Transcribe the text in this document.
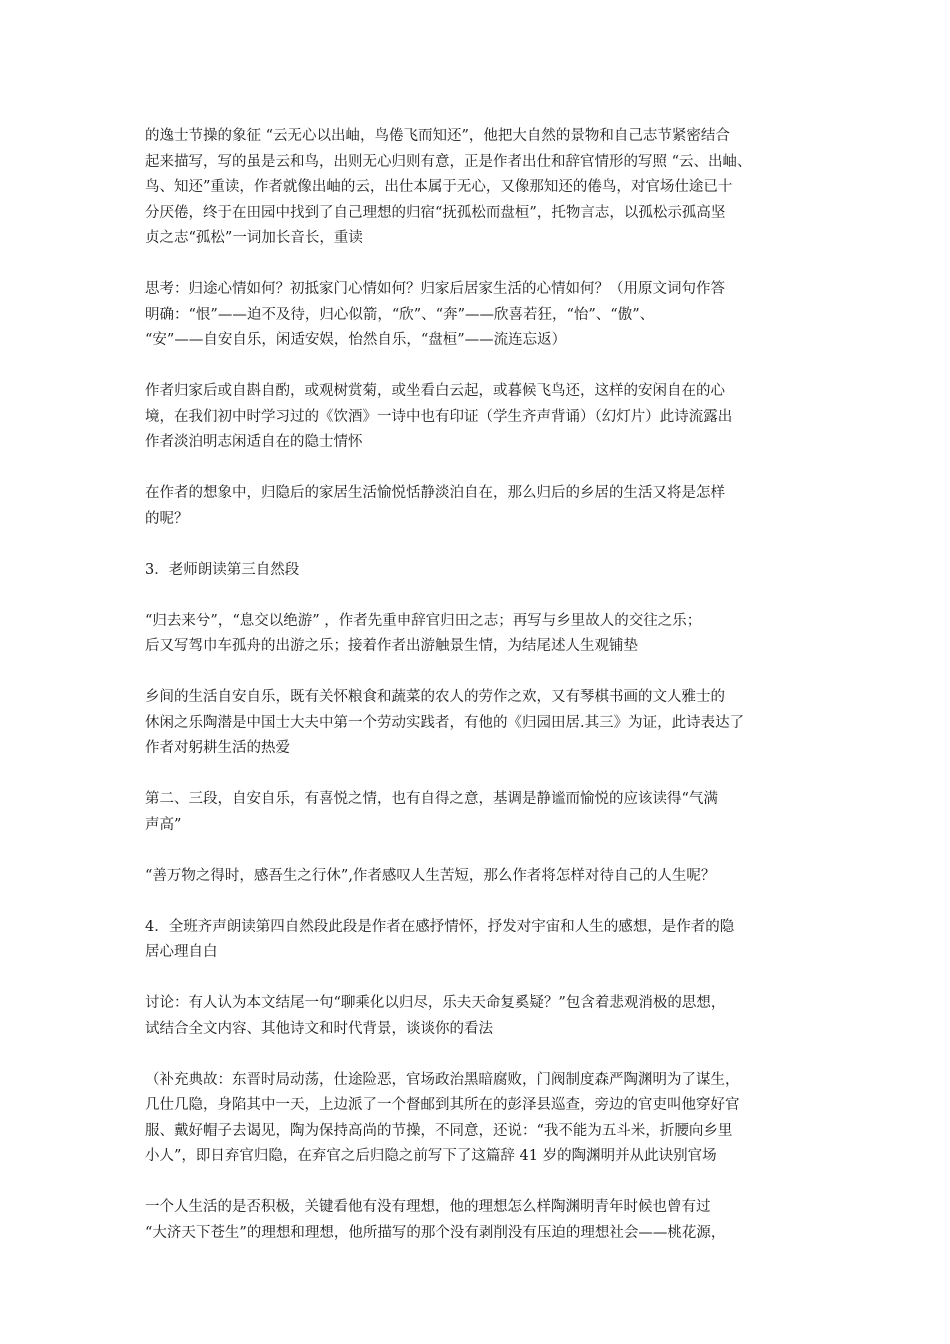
的逸士节操的象征 “云无心以出岫，鸟倦飞而知还”，他把大自然的景物和自己志节紧密结合
起来描写，写的虽是云和鸟，出则无心归则有意，正是作者出仕和辞官情形的写照 “云、出岫、
鸟、知还”重读，作者就像出岫的云，出仕本属于无心，又像那知还的倦鸟，对官场仕途已十
分厌倦，终于在田园中找到了自己理想的归宿“抚孤松而盘桓”，托物言志，以孤松示孤高坚
贞之志“孤松”一词加长音长，重读
思考：归途心情如何？初抵家门心情如何？归家后居家生活的心情如何？（用原文词句作答
明确：“恨”——迫不及待，归心似箭，“欣”、“奔”——欣喜若狂，“怡”、“傲”、
“安”——自安自乐，闲适安娱，怡然自乐，“盘桓”——流连忘返）
作者归家后或自斟自酌，或观树赏菊，或坐看白云起，或暮候飞鸟还，这样的安闲自在的心
境，在我们初中时学习过的《饮酒》一诗中也有印证（学生齐声背诵）（幻灯片）此诗流露出
作者淡泊明志闲适自在的隐士情怀
在作者的想象中，归隐后的家居生活愉悦恬静淡泊自在，那么归后的乡居的生活又将是怎样
的呢？
3．老师朗读第三自然段
“归去来兮”，“息交以绝游” ，作者先重申辞官归田之志；再写与乡里故人的交往之乐；
后又写驾巾车孤舟的出游之乐；接着作者出游触景生情，为结尾述人生观铺垫
乡间的生活自安自乐，既有关怀粮食和蔬菜的农人的劳作之欢，又有琴棋书画的文人雅士的
休闲之乐陶潜是中国士大夫中第一个劳动实践者，有他的《归园田居.其三》为证，此诗表达了
作者对躬耕生活的热爱
第二、三段，自安自乐，有喜悦之情，也有自得之意，基调是静谧而愉悦的应该读得“气满
声高”
“善万物之得时，感吾生之行休”,作者感叹人生苦短，那么作者将怎样对待自己的人生呢？
4．全班齐声朗读第四自然段此段是作者在感抒情怀，抒发对宇宙和人生的感想，是作者的隐
居心理自白
讨论：有人认为本文结尾一句“聊乘化以归尽，乐夫天命复奚疑？”包含着悲观消极的思想，
试结合全文内容、其他诗文和时代背景，谈谈你的看法
（补充典故：东晋时局动荡，仕途险恶，官场政治黑暗腐败，门阀制度森严陶渊明为了谋生，
几仕几隐，身陷其中一天，上边派了一个督邮到其所在的彭泽县巡查，旁边的官吏叫他穿好官
服、戴好帽子去谒见，陶为保持高尚的节操，不同意，还说：“我不能为五斗米，折腰向乡里
小人”，即日弃官归隐，在弃官之后归隐之前写下了这篇辞 41 岁的陶渊明并从此诀别官场
一个人生活的是否积极，关键看他有没有理想，他的理想怎么样陶渊明青年时候也曾有过
“大济天下苍生”的理想和理想，他所描写的那个没有剥削没有压迫的理想社会——桃花源，
